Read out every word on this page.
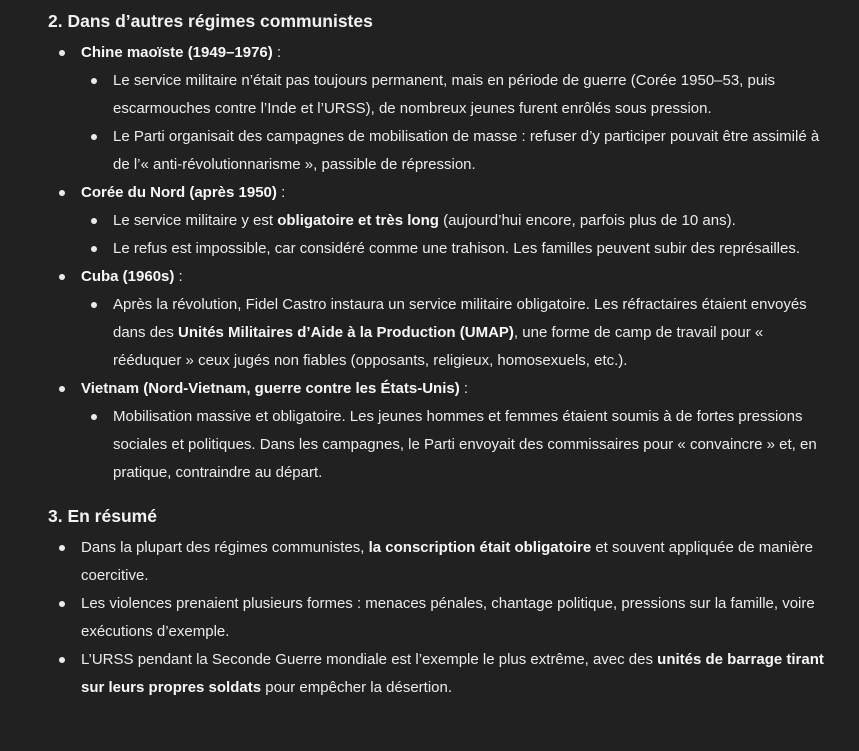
2. Dans d’autres régimes communistes
Chine maoïste (1949–1976) :
Le service militaire n’était pas toujours permanent, mais en période de guerre (Corée 1950–53, puis escarmouches contre l’Inde et l’URSS), de nombreux jeunes furent enrôlés sous pression.
Le Parti organisait des campagnes de mobilisation de masse : refuser d’y participer pouvait être assimilé à de l’« anti-révolutionnarisme », passible de répression.
Corée du Nord (après 1950) :
Le service militaire y est obligatoire et très long (aujourd’hui encore, parfois plus de 10 ans).
Le refus est impossible, car considéré comme une trahison. Les familles peuvent subir des représailles.
Cuba (1960s) :
Après la révolution, Fidel Castro instaura un service militaire obligatoire. Les réfractaires étaient envoyés dans des Unités Militaires d’Aide à la Production (UMAP), une forme de camp de travail pour « rééduquer » ceux jugés non fiables (opposants, religieux, homosexuels, etc.).
Vietnam (Nord-Vietnam, guerre contre les États-Unis) :
Mobilisation massive et obligatoire. Les jeunes hommes et femmes étaient soumis à de fortes pressions sociales et politiques. Dans les campagnes, le Parti envoyait des commissaires pour « convaincre » et, en pratique, contraindre au départ.
3. En résumé
Dans la plupart des régimes communistes, la conscription était obligatoire et souvent appliquée de manière coercitive.
Les violences prenaient plusieurs formes : menaces pénales, chantage politique, pressions sur la famille, voire exécutions d’exemple.
L’URSS pendant la Seconde Guerre mondiale est l’exemple le plus extrême, avec des unités de barrage tirant sur leurs propres soldats pour empêcher la désertion.
